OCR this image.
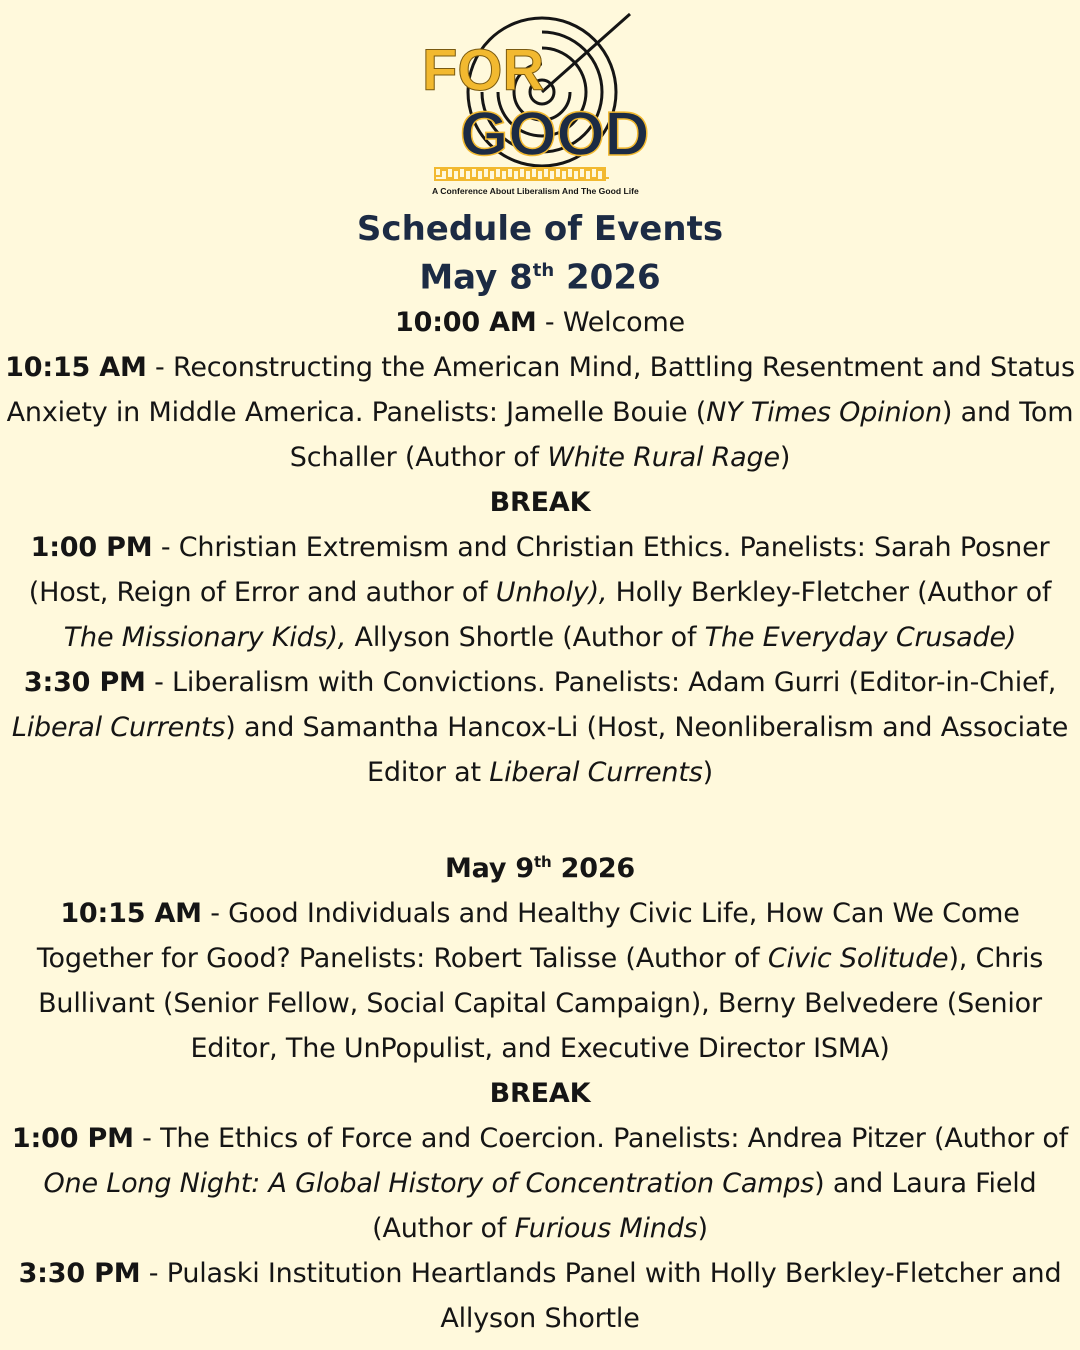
FOR
GOOD
A Conference About Liberalism And The Good Life
Schedule of Events
May 8th 2026

10:00 AM - Welcome

10:15 AM - Reconstructing the American Mind, Battling Resentment and Status Anxiety in Middle America. Panelists: Jamelle Bouie (NY Times Opinion) and Tom Schaller (Author of White Rural Rage)

BREAK

1:00 PM - Christian Extremism and Christian Ethics. Panelists: Sarah Posner (Host, Reign of Error and author of Unholy), Holly Berkley-Fletcher (Author of The Missionary Kids), Allyson Shortle (Author of The Everyday Crusade)

3:30 PM - Liberalism with Convictions. Panelists: Adam Gurri (Editor-in-Chief, Liberal Currents) and Samantha Hancox-Li (Host, Neonliberalism and Associate Editor at Liberal Currents)

May 9th 2026

10:15 AM - Good Individuals and Healthy Civic Life, How Can We Come Together for Good? Panelists: Robert Talisse (Author of Civic Solitude), Chris Bullivant (Senior Fellow, Social Capital Campaign), Berny Belvedere (Senior Editor, The UnPopulist, and Executive Director ISMA)

BREAK

1:00 PM - The Ethics of Force and Coercion. Panelists: Andrea Pitzer (Author of One Long Night: A Global History of Concentration Camps) and Laura Field (Author of Furious Minds)

3:30 PM - Pulaski Institution Heartlands Panel with Holly Berkley-Fletcher and Allyson Shortle
